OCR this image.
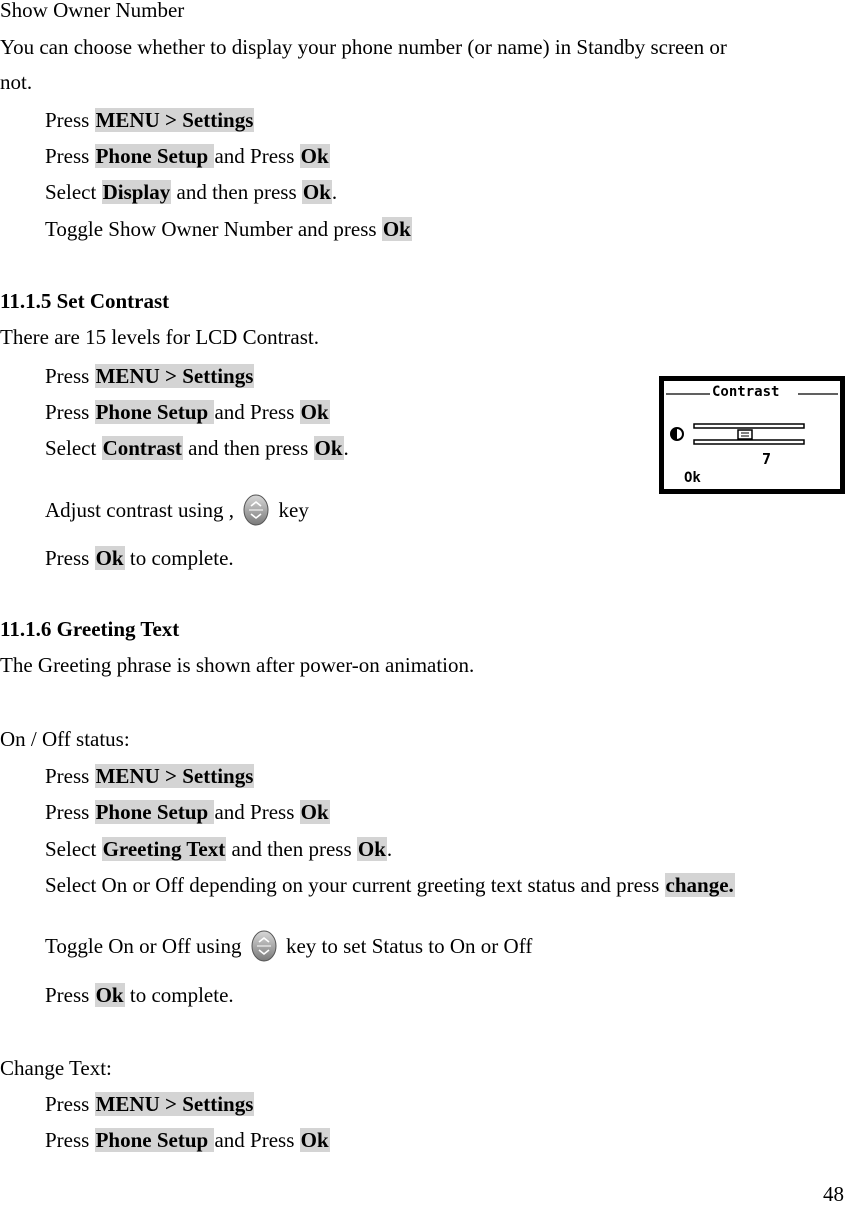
Show Owner Number
You can choose whether to display your phone number (or name) in Standby screen or
not.
Press MENU > Settings
Press Phone Setup and Press Ok
Select Display and then press Ok.
Toggle Show Owner Number and press Ok
11.1.5 Set Contrast
There are 15 levels for LCD Contrast.
Press MENU > Settings
Press Phone Setup and Press Ok
Select Contrast and then press Ok.
Adjust contrast using ,  key
Press Ok to complete.
Contrast
7
Ok
11.1.6 Greeting Text
The Greeting phrase is shown after power-on animation.
On / Off status:
Press MENU > Settings
Press Phone Setup and Press Ok
Select Greeting Text and then press Ok.
Select On or Off depending on your current greeting text status and press change.
Toggle On or Off using  key to set Status to On or Off
Press Ok to complete.
Change Text:
Press MENU > Settings
Press Phone Setup and Press Ok
48
